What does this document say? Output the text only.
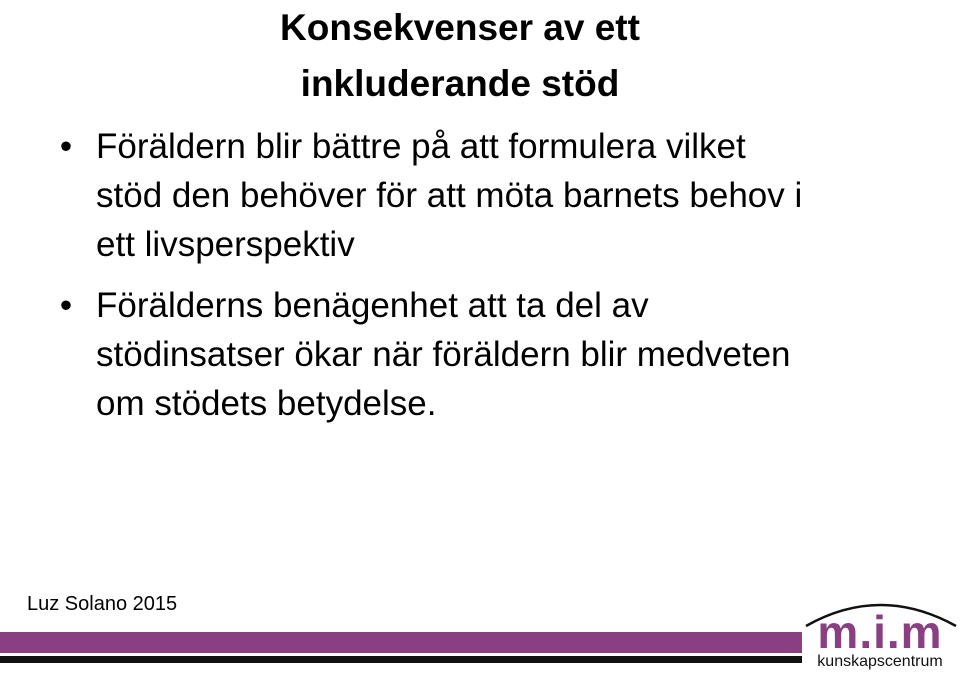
Konsekvenser av ett
inkluderande stöd
• Föräldern blir bättre på att formulera vilket
stöd den behöver för att möta barnets behov i
ett livsperspektiv
• Förälderns benägenhet att ta del av
stödinsatser ökar när föräldern blir medveten
om stödets betydelse.
Luz Solano 2015
m.i.m
kunskapscentrum
